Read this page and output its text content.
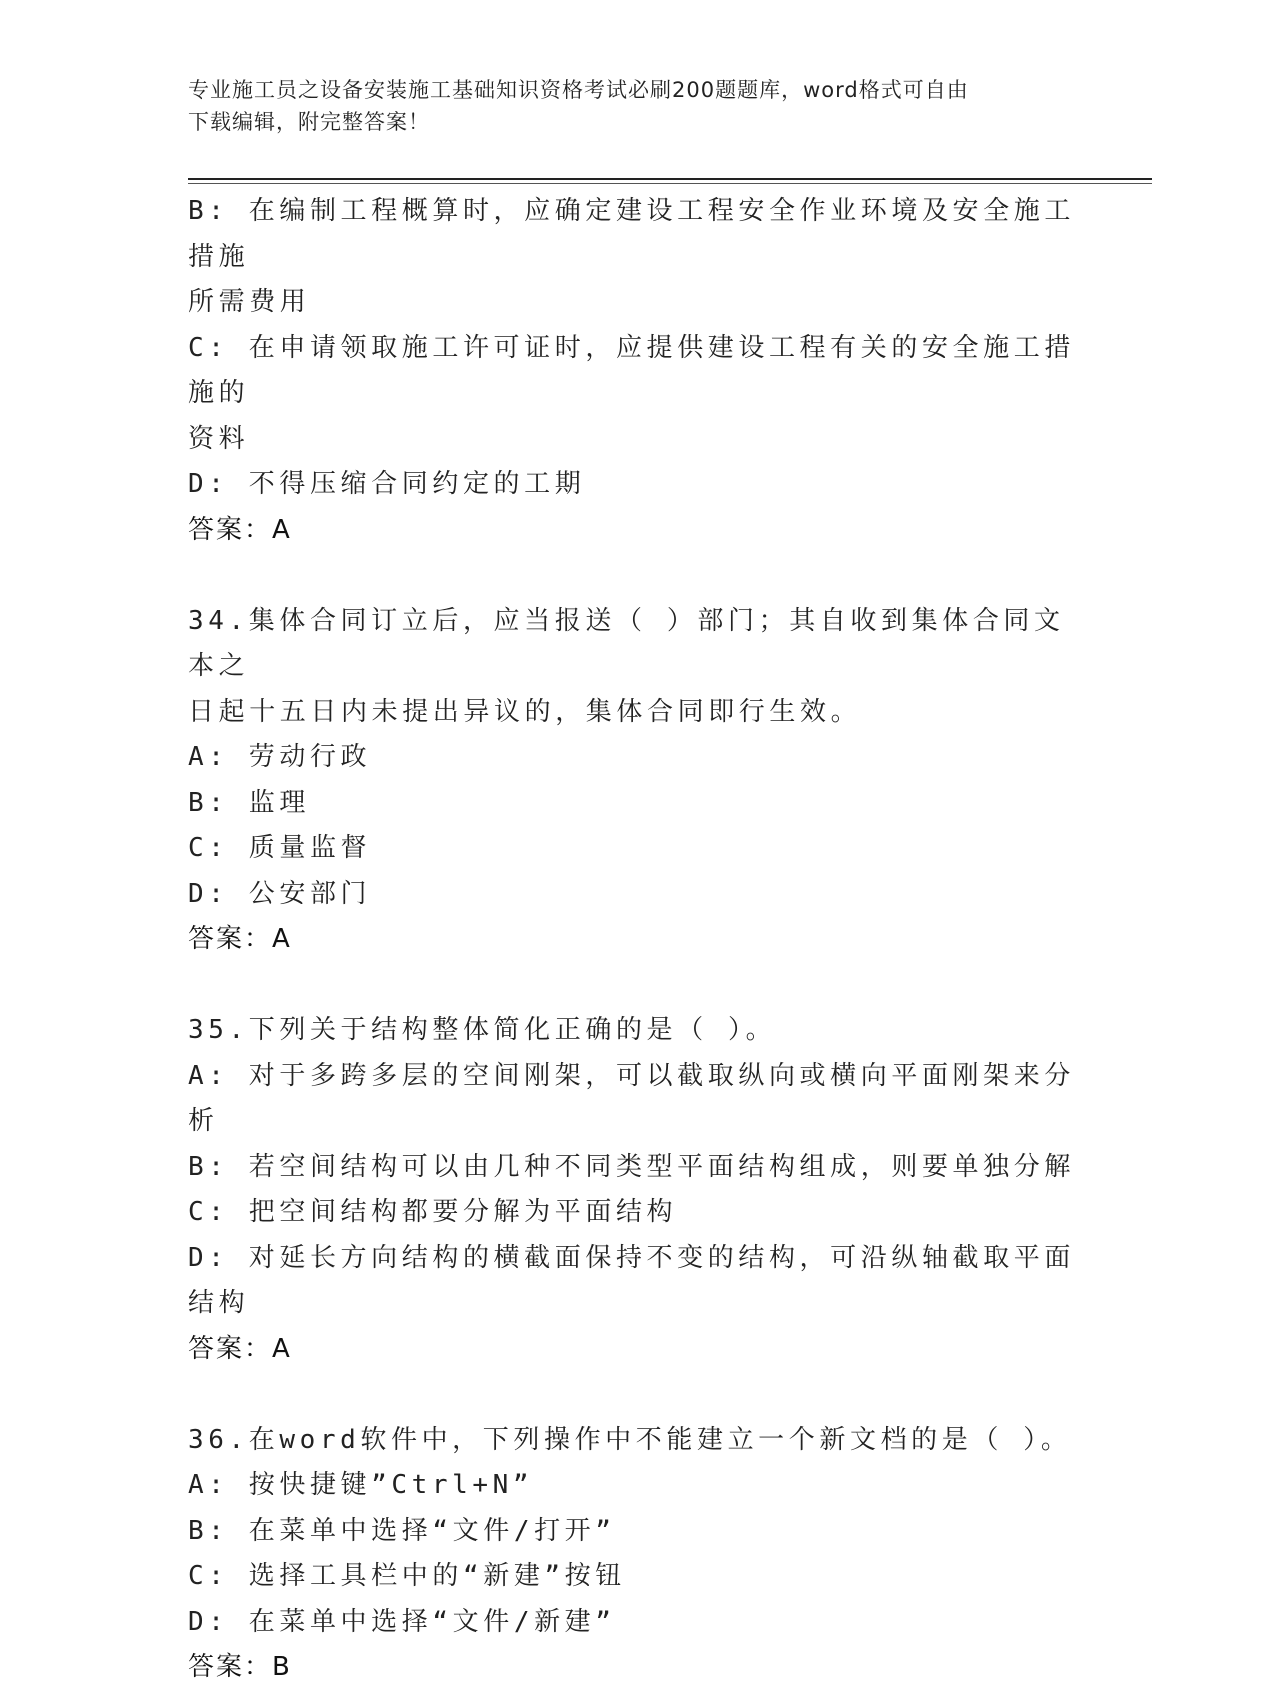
专业施工员之设备安装施工基础知识资格考试必刷200题题库，word格式可自由
下载编辑，附完整答案！
B: 在编制工程概算时，应确定建设工程安全作业环境及安全施工措施
所需费用
C: 在申请领取施工许可证时，应提供建设工程有关的安全施工措施的
资料
D: 不得压缩合同约定的工期
答案：A
34.集体合同订立后，应当报送（ ）部门；其自收到集体合同文本之
日起十五日内未提出异议的，集体合同即行生效。
A: 劳动行政
B: 监理
C: 质量监督
D: 公安部门
答案：A
35.下列关于结构整体简化正确的是（ ）。
A: 对于多跨多层的空间刚架，可以截取纵向或横向平面刚架来分析
B: 若空间结构可以由几种不同类型平面结构组成，则要单独分解
C: 把空间结构都要分解为平面结构
D: 对延长方向结构的横截面保持不变的结构，可沿纵轴截取平面结构
答案：A
36.在word软件中，下列操作中不能建立一个新文档的是（ ）。
A: 按快捷键”Ctrl+N”
B: 在菜单中选择“文件/打开”
C: 选择工具栏中的“新建”按钮
D: 在菜单中选择“文件/新建”
答案：B
